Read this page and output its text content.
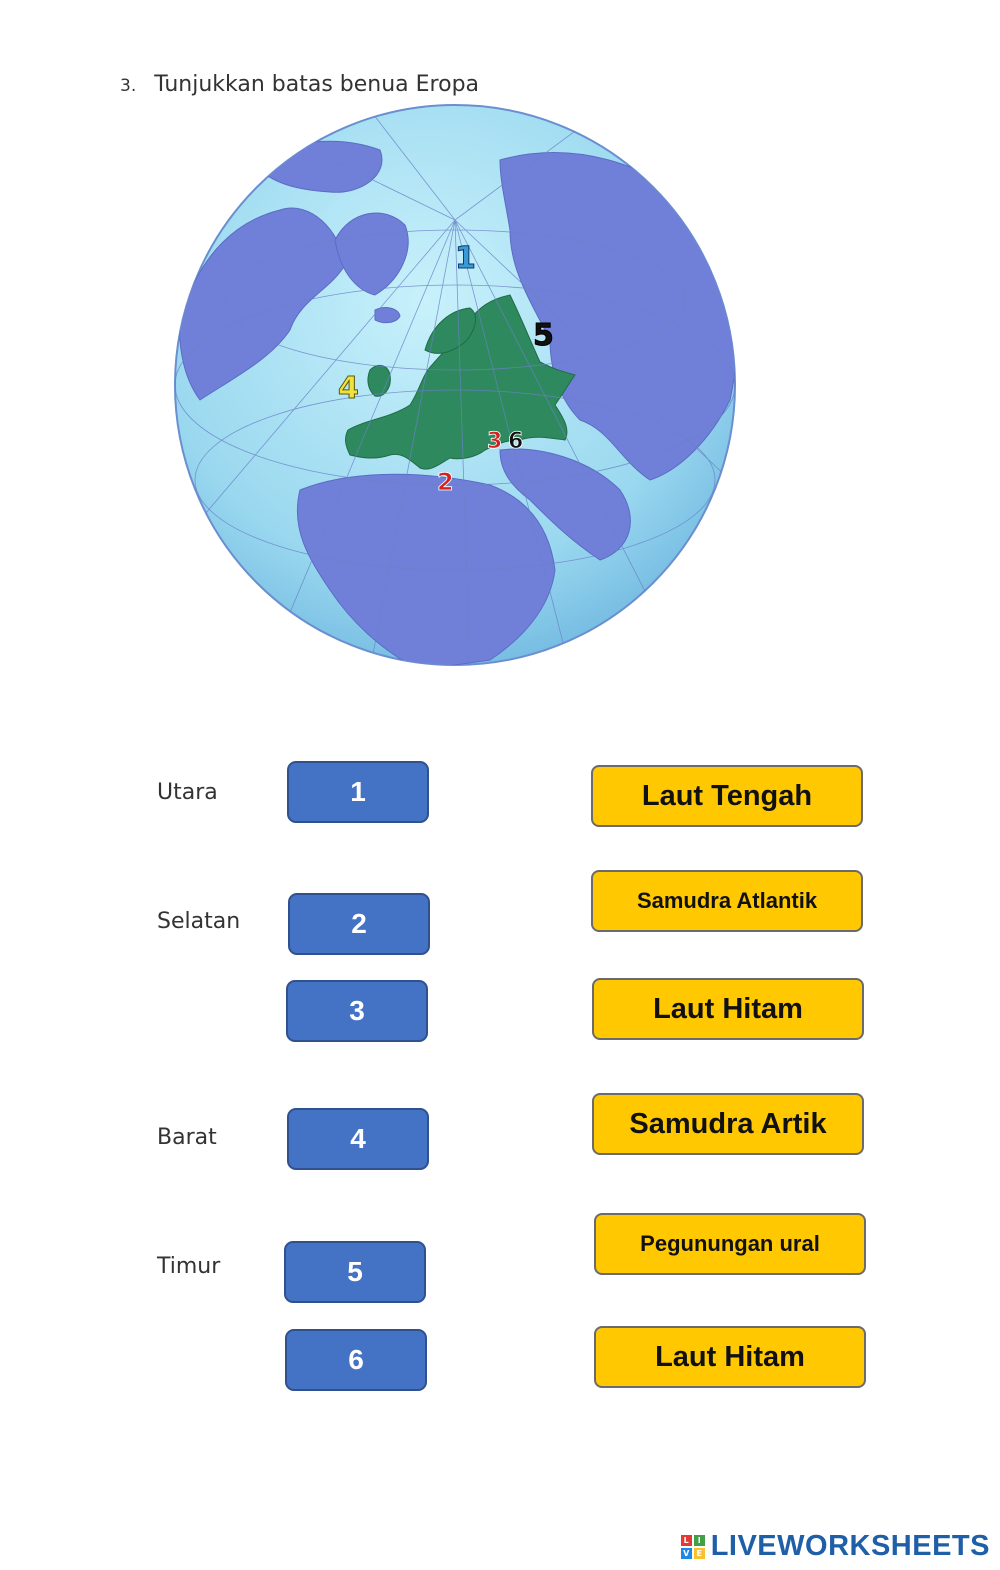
3. Tunjukkan batas benua Eropa
1
5
4
3 6
2
Utara
Selatan
Barat
Timur
1
2
3
4
5
6
Laut Tengah
Samudra Atlantik
Laut Hitam
Samudra Artik
Pegunungan ural
Laut Hitam
L	I
V E LIVEWORKSHEETS
